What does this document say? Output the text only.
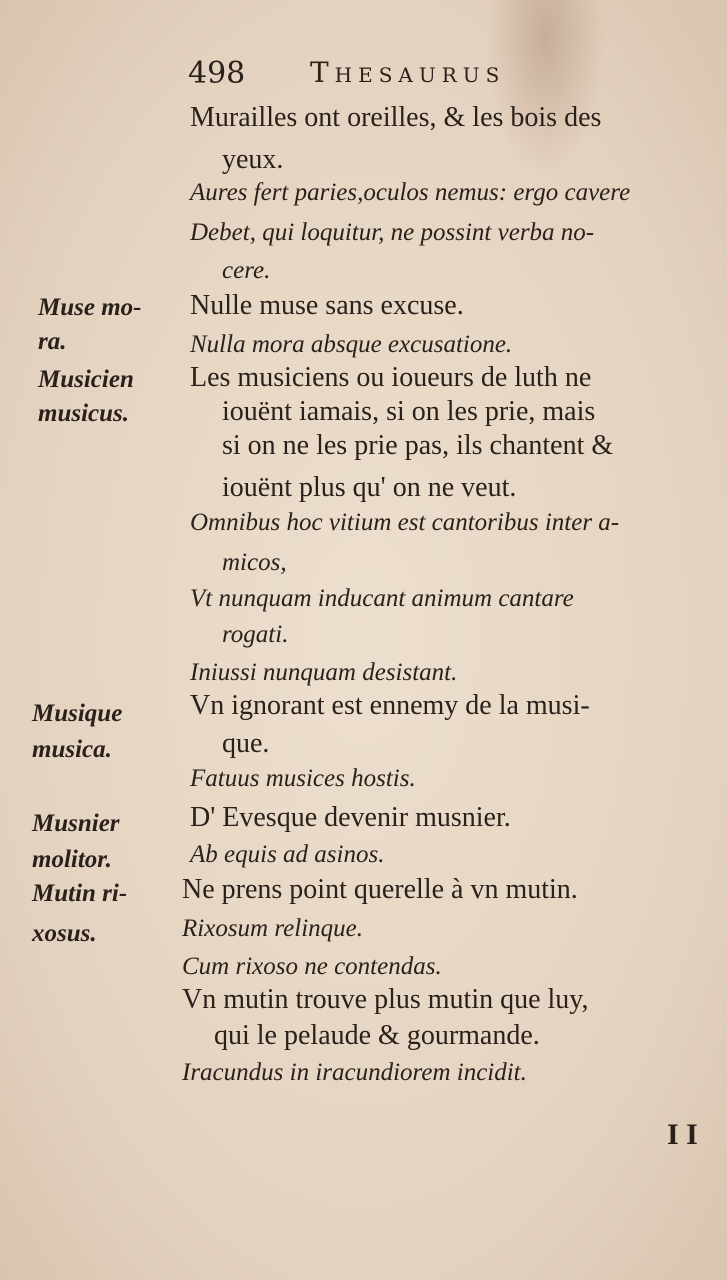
498 Thesaurus
Murailles ont oreilles, & les bois des
yeux.
Aures fert paries,oculos nemus: ergo cavere
Debet, qui loquitur, ne possint verba no-
cere.
Nulle muse sans excuse.
Nulla mora absque excusatione.
Les musiciens ou ioueurs de luth ne
iouënt iamais, si on les prie, mais
si on ne les prie pas, ils chantent &
iouënt plus qu' on ne veut.
Omnibus hoc vitium est cantoribus inter a-
micos,
Vt nunquam inducant animum cantare
rogati.
Iniussi nunquam desistant.
Vn ignorant est ennemy de la musi-
que.
Fatuus musices hostis.
D' Evesque devenir musnier.
Ab equis ad asinos.
Ne prens point querelle à vn mutin.
Rixosum relinque.
Cum rixoso ne contendas.
Vn mutin trouve plus mutin que luy,
qui le pelaude & gourmande.
Iracundus in iracundiorem incidit.
Muse mo-
ra.
Musicien
musicus.
Musique
musica.
Musnier
molitor.
Mutin ri-
xosus.
I I
